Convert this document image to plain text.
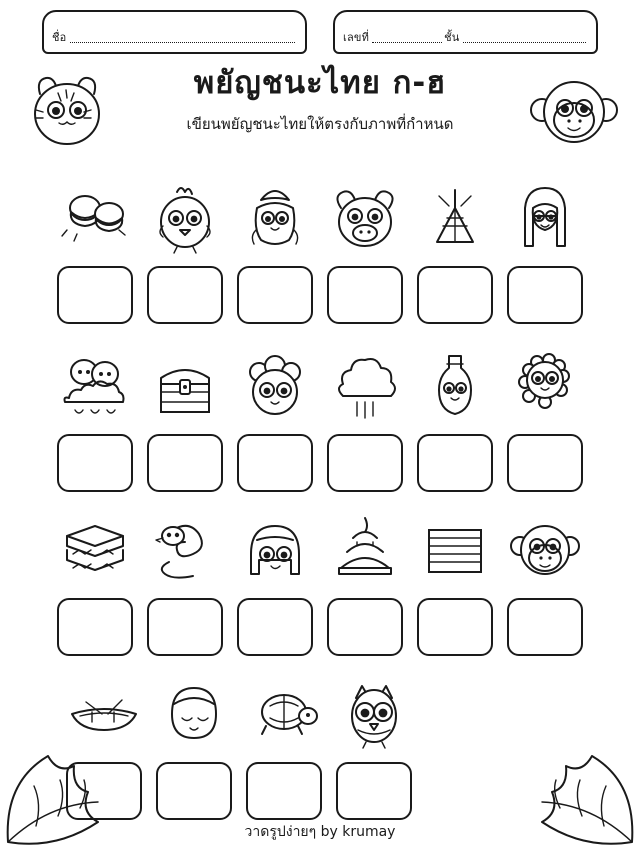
ชื่อ	เลขที่	ชั้น
พยัญชนะไทย ก-ฮ
เขียนพยัญชนะไทยให้ตรงกับภาพที่กำหนด
วาดรูปง่ายๆ by krumay
